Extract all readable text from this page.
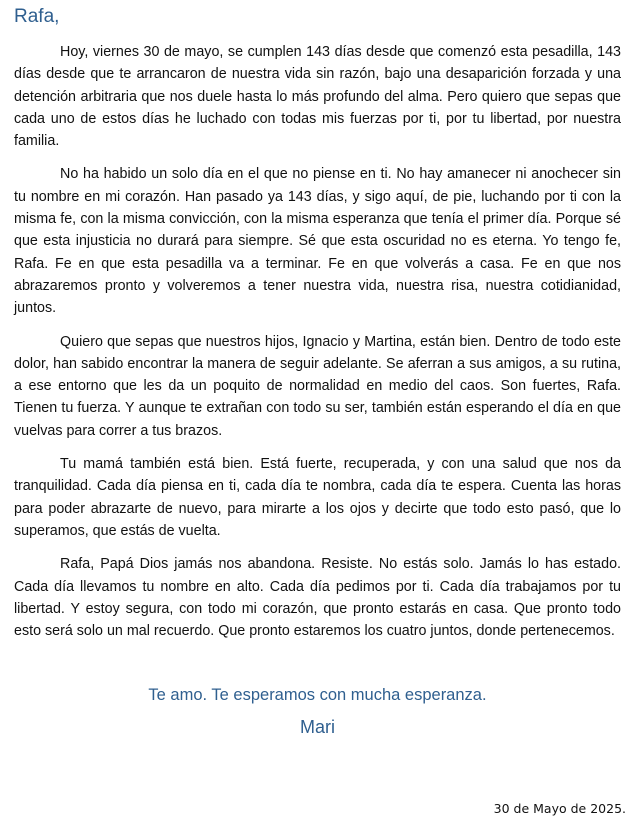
Rafa,

Hoy, viernes 30 de mayo, se cumplen 143 días desde que comenzó esta pesadilla, 143 días desde que te arrancaron de nuestra vida sin razón, bajo una desaparición forzada y una detención arbitraria que nos duele hasta lo más profundo del alma. Pero quiero que sepas que cada uno de estos días he luchado con todas mis fuerzas por ti, por tu libertad, por nuestra familia.

No ha habido un solo día en el que no piense en ti. No hay amanecer ni anochecer sin tu nombre en mi corazón. Han pasado ya 143 días, y sigo aquí, de pie, luchando por ti con la misma fe, con la misma convicción, con la misma esperanza que tenía el primer día. Porque sé que esta injusticia no durará para siempre. Sé que esta oscuridad no es eterna. Yo tengo fe, Rafa. Fe en que esta pesadilla va a terminar. Fe en que volverás a casa. Fe en que nos abrazaremos pronto y volveremos a tener nuestra vida, nuestra risa, nuestra cotidianidad, juntos.

Quiero que sepas que nuestros hijos, Ignacio y Martina, están bien. Dentro de todo este dolor, han sabido encontrar la manera de seguir adelante. Se aferran a sus amigos, a su rutina, a ese entorno que les da un poquito de normalidad en medio del caos. Son fuertes, Rafa. Tienen tu fuerza. Y aunque te extrañan con todo su ser, también están esperando el día en que vuelvas para correr a tus brazos.

Tu mamá también está bien. Está fuerte, recuperada, y con una salud que nos da tranquilidad. Cada día piensa en ti, cada día te nombra, cada día te espera. Cuenta las horas para poder abrazarte de nuevo, para mirarte a los ojos y decirte que todo esto pasó, que lo superamos, que estás de vuelta.

Rafa, Papá Dios jamás nos abandona. Resiste. No estás solo. Jamás lo has estado. Cada día llevamos tu nombre en alto. Cada día pedimos por ti. Cada día trabajamos por tu libertad. Y estoy segura, con todo mi corazón, que pronto estarás en casa. Que pronto todo esto será solo un mal recuerdo. Que pronto estaremos los cuatro juntos, donde pertenecemos.

Te amo. Te esperamos con mucha esperanza.
Mari
30 de Mayo de 2025.
